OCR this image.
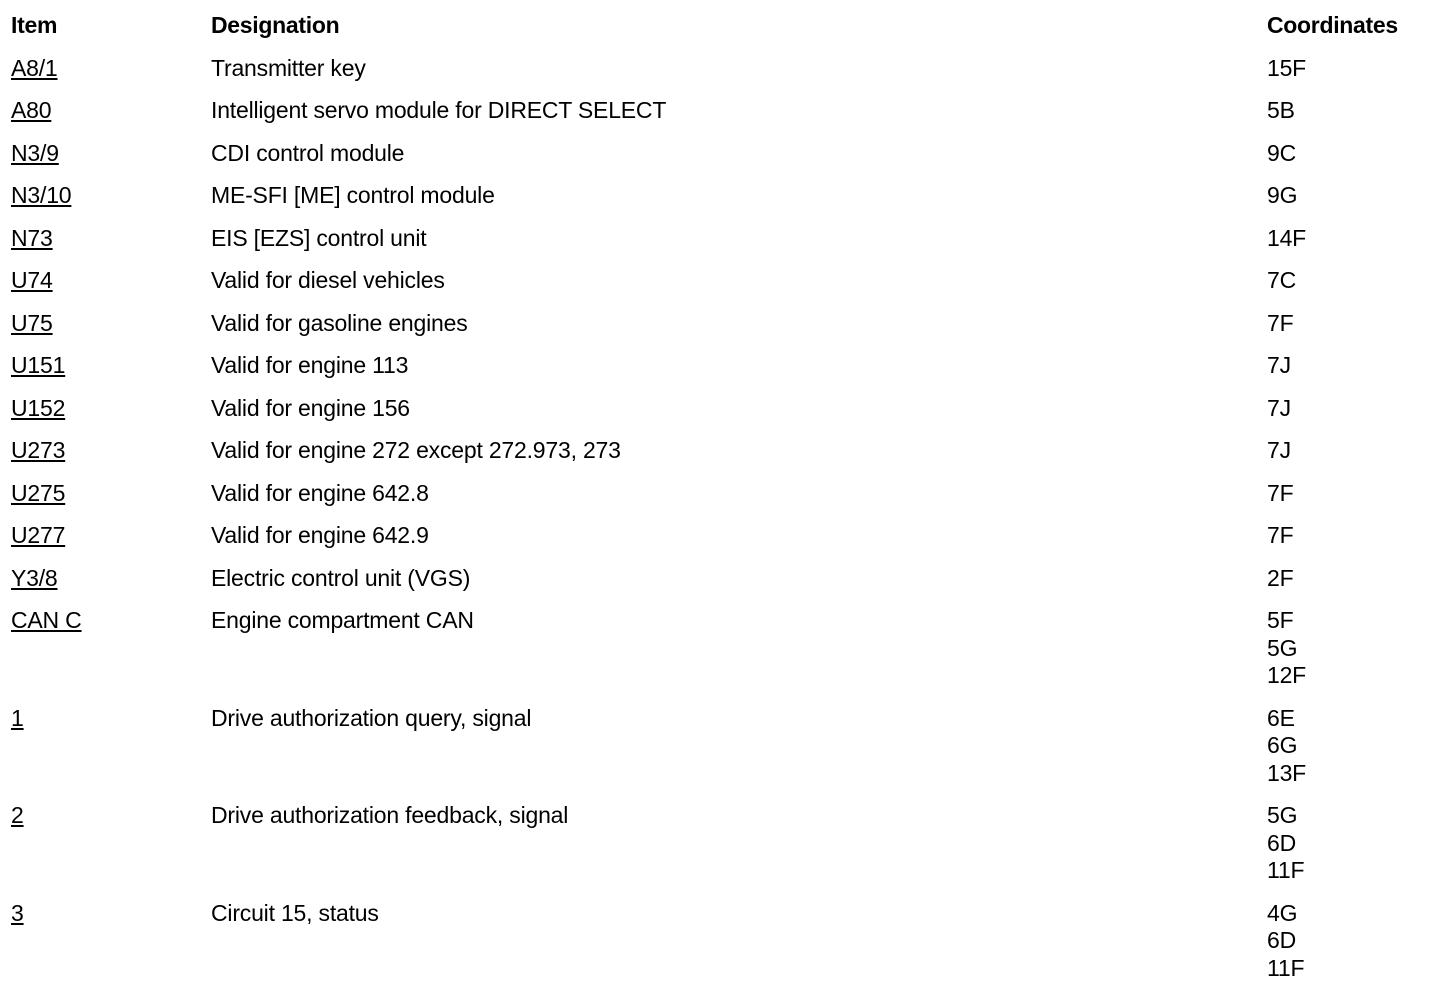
Item	Designation	Coordinates
A8/1	Transmitter key	15F

A80	Intelligent servo module for DIRECT SELECT	5B

N3/9	CDI control module	9C

N3/10	ME-SFI [ME] control module	9G

N73	EIS [EZS] control unit	14F

U74	Valid for diesel vehicles	7C

U75	Valid for gasoline engines	7F

U151	Valid for engine 113	7J

U152	Valid for engine 156	7J

U273	Valid for engine 272 except 272.973, 273	7J

U275	Valid for engine 642.8	7F

U277	Valid for engine 642.9	7F

Y3/8	Electric control unit (VGS)	2F

CAN C	Engine compartment CAN	5F
5G
12F

1	Drive authorization query, signal	6E
6G
13F

2	Drive authorization feedback, signal	5G
6D
11F

3	Circuit 15, status	4G
6D
11F
